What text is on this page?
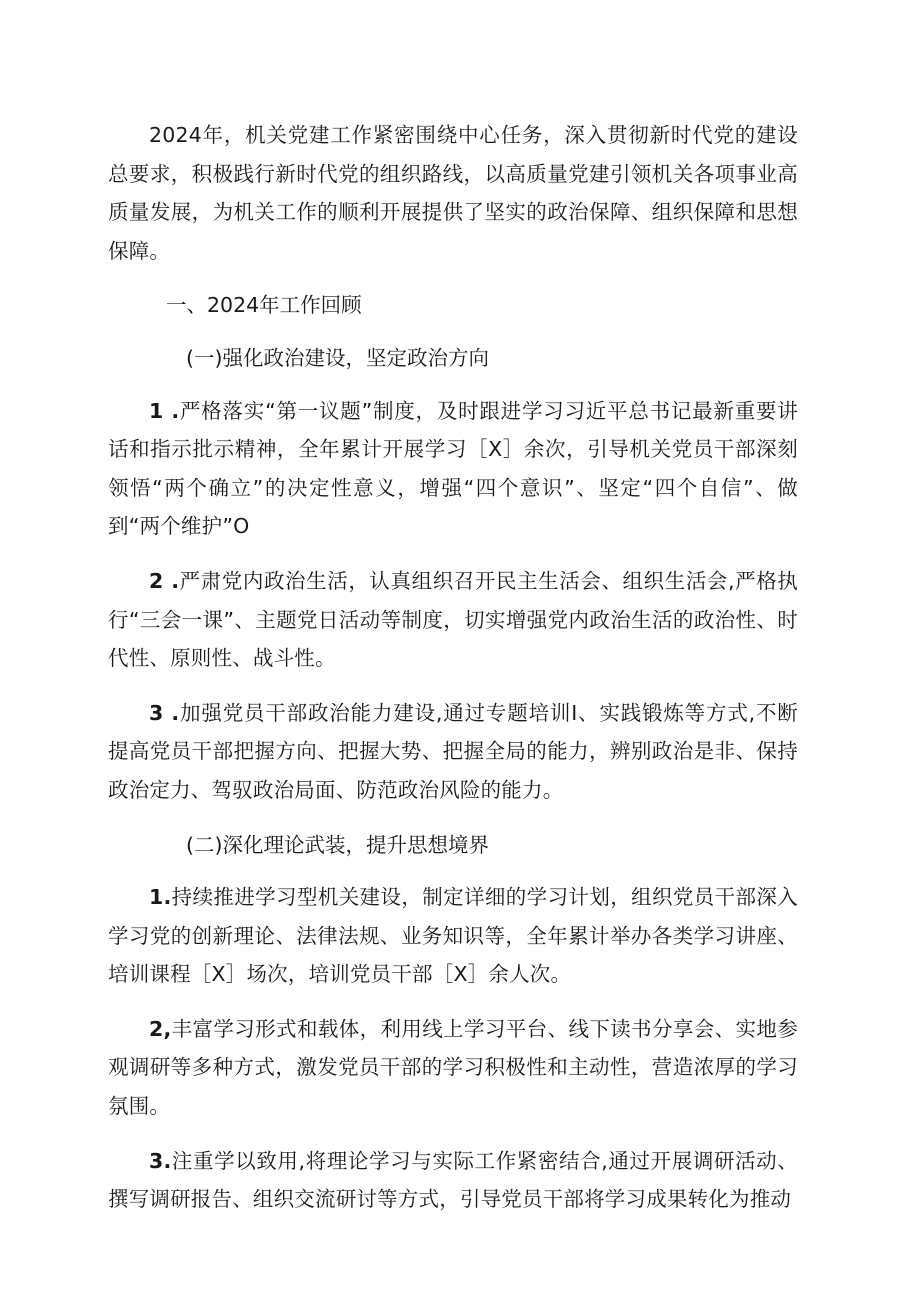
2024年，机关党建工作紧密围绕中心任务，深入贯彻新时代党的建设总要求，积极践行新时代党的组织路线，以高质量党建引领机关各项事业高质量发展，为机关工作的顺利开展提供了坚实的政治保障、组织保障和思想保障。

一、2024年工作回顾
(一)强化政治建设，坚定政治方向

1 .严格落实“第一议题”制度，及时跟进学习习近平总书记最新重要讲话和指示批示精神，全年累计开展学习［X］余次，引导机关党员干部深刻领悟“两个确立”的决定性意义，增强“四个意识”、坚定“四个自信”、做到“两个维护”O

2 .严肃党内政治生活，认真组织召开民主生活会、组织生活会,严格执行“三会一课”、主题党日活动等制度，切实增强党内政治生活的政治性、时代性、原则性、战斗性。

3 .加强党员干部政治能力建设,通过专题培训I、实践锻炼等方式,不断提高党员干部把握方向、把握大势、把握全局的能力，辨别政治是非、保持政治定力、驾驭政治局面、防范政治风险的能力。

(二)深化理论武装，提升思想境界

1.持续推进学习型机关建设，制定详细的学习计划，组织党员干部深入学习党的创新理论、法律法规、业务知识等，全年累计举办各类学习讲座、培训课程［X］场次，培训党员干部［X］余人次。

2,丰富学习形式和载体，利用线上学习平台、线下读书分享会、实地参观调研等多种方式，激发党员干部的学习积极性和主动性，营造浓厚的学习氛围。

3.注重学以致用,将理论学习与实际工作紧密结合,通过开展调研活动、撰写调研报告、组织交流研讨等方式，引导党员干部将学习成果转化为推动
